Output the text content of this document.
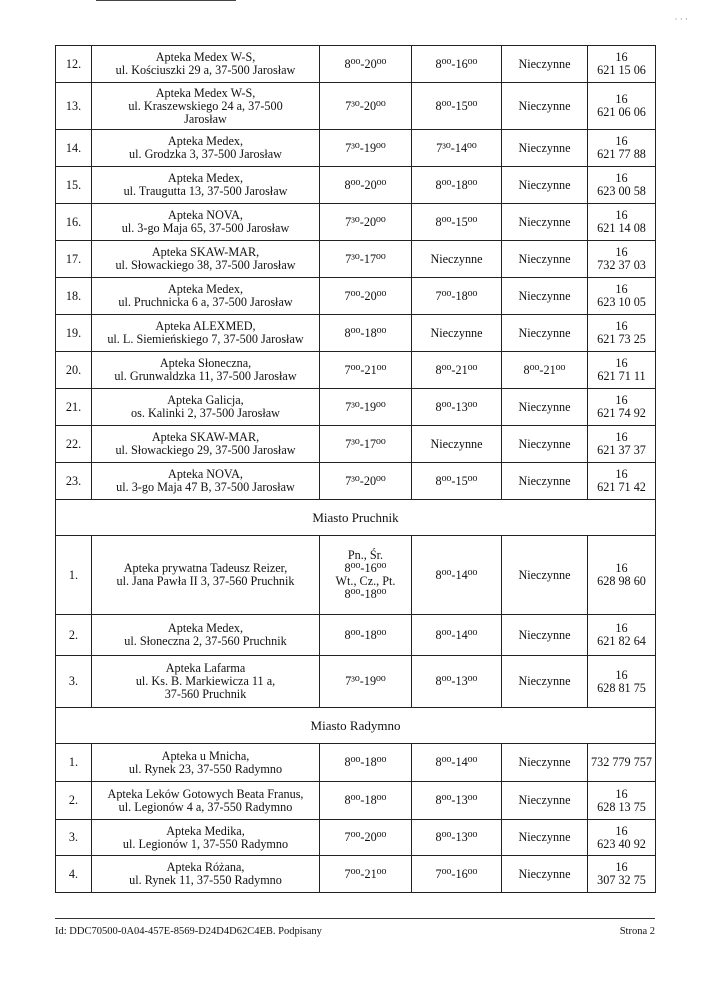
· · ·
12.	Apteka Medex W-S,
ul. Kościuszki 29 a, 37-500 Jarosław	8⁰⁰-20⁰⁰	8⁰⁰-16⁰⁰	Nieczynne	16
621 15 06
13.	Apteka Medex W-S,
ul. Kraszewskiego 24 a, 37-500
Jarosław	7³⁰-20⁰⁰	8⁰⁰-15⁰⁰	Nieczynne	16
621 06 06
14.	Apteka Medex,
ul. Grodzka 3, 37-500 Jarosław	7³⁰-19⁰⁰	7³⁰-14⁰⁰	Nieczynne	16
621 77 88
15.	Apteka Medex,
ul. Traugutta 13, 37-500 Jarosław	8⁰⁰-20⁰⁰	8⁰⁰-18⁰⁰	Nieczynne	16
623 00 58
16.	Apteka NOVA,
ul. 3-go Maja 65, 37-500 Jarosław	7³⁰-20⁰⁰	8⁰⁰-15⁰⁰	Nieczynne	16
621 14 08
17.	Apteka SKAW-MAR,
ul. Słowackiego 38, 37-500 Jarosław	7³⁰-17⁰⁰	Nieczynne	Nieczynne	16
732 37 03
18.	Apteka Medex,
ul. Pruchnicka 6 a, 37-500 Jarosław	7⁰⁰-20⁰⁰	7⁰⁰-18⁰⁰	Nieczynne	16
623 10 05
19.	Apteka ALEXMED,
ul. L. Siemieńskiego 7, 37-500 Jarosław	8⁰⁰-18⁰⁰	Nieczynne	Nieczynne	16
621 73 25
20.	Apteka Słoneczna,
ul. Grunwaldzka 11, 37-500 Jarosław	7⁰⁰-21⁰⁰	8⁰⁰-21⁰⁰	8⁰⁰-21⁰⁰	16
621 71 11
21.	Apteka Galicja,
os. Kalinki 2, 37-500 Jarosław	7³⁰-19⁰⁰	8⁰⁰-13⁰⁰	Nieczynne	16
621 74 92
22.	Apteka SKAW-MAR,
ul. Słowackiego 29, 37-500 Jarosław	7³⁰-17⁰⁰	Nieczynne	Nieczynne	16
621 37 37
23.	Apteka NOVA,
ul. 3-go Maja 47 B, 37-500 Jarosław	7³⁰-20⁰⁰	8⁰⁰-15⁰⁰	Nieczynne	16
621 71 42
Miasto Pruchnik					
1.	Apteka prywatna Tadeusz Reizer,
ul. Jana Pawła II 3, 37-560 Pruchnik	Pn., Śr.
8⁰⁰-16⁰⁰
Wt., Cz., Pt.
8⁰⁰-18⁰⁰	8⁰⁰-14⁰⁰	Nieczynne	16
628 98 60
2.	Apteka Medex,
ul. Słoneczna 2, 37-560 Pruchnik	8⁰⁰-18⁰⁰	8⁰⁰-14⁰⁰	Nieczynne	16
621 82 64
3.	Apteka Lafarma
ul. Ks. B. Markiewicza 11 a,
37-560 Pruchnik	7³⁰-19⁰⁰	8⁰⁰-13⁰⁰	Nieczynne	16
628 81 75
Miasto Radymno					
1.	Apteka u Mnicha,
ul. Rynek 23, 37-550 Radymno	8⁰⁰-18⁰⁰	8⁰⁰-14⁰⁰	Nieczynne	732 779 757
2.	Apteka Leków Gotowych Beata Franus,
ul. Legionów 4 a, 37-550 Radymno	8⁰⁰-18⁰⁰	8⁰⁰-13⁰⁰	Nieczynne	16
628 13 75
3.	Apteka Medika,
ul. Legionów 1, 37-550 Radymno	7⁰⁰-20⁰⁰	8⁰⁰-13⁰⁰	Nieczynne	16
623 40 92
4.	Apteka Różana,
ul. Rynek 11, 37-550 Radymno	7⁰⁰-21⁰⁰	7⁰⁰-16⁰⁰	Nieczynne	16
307 32 75
Id: DDC70500-0A04-457E-8569-D24D4D62C4EB. Podpisany	Strona 2
